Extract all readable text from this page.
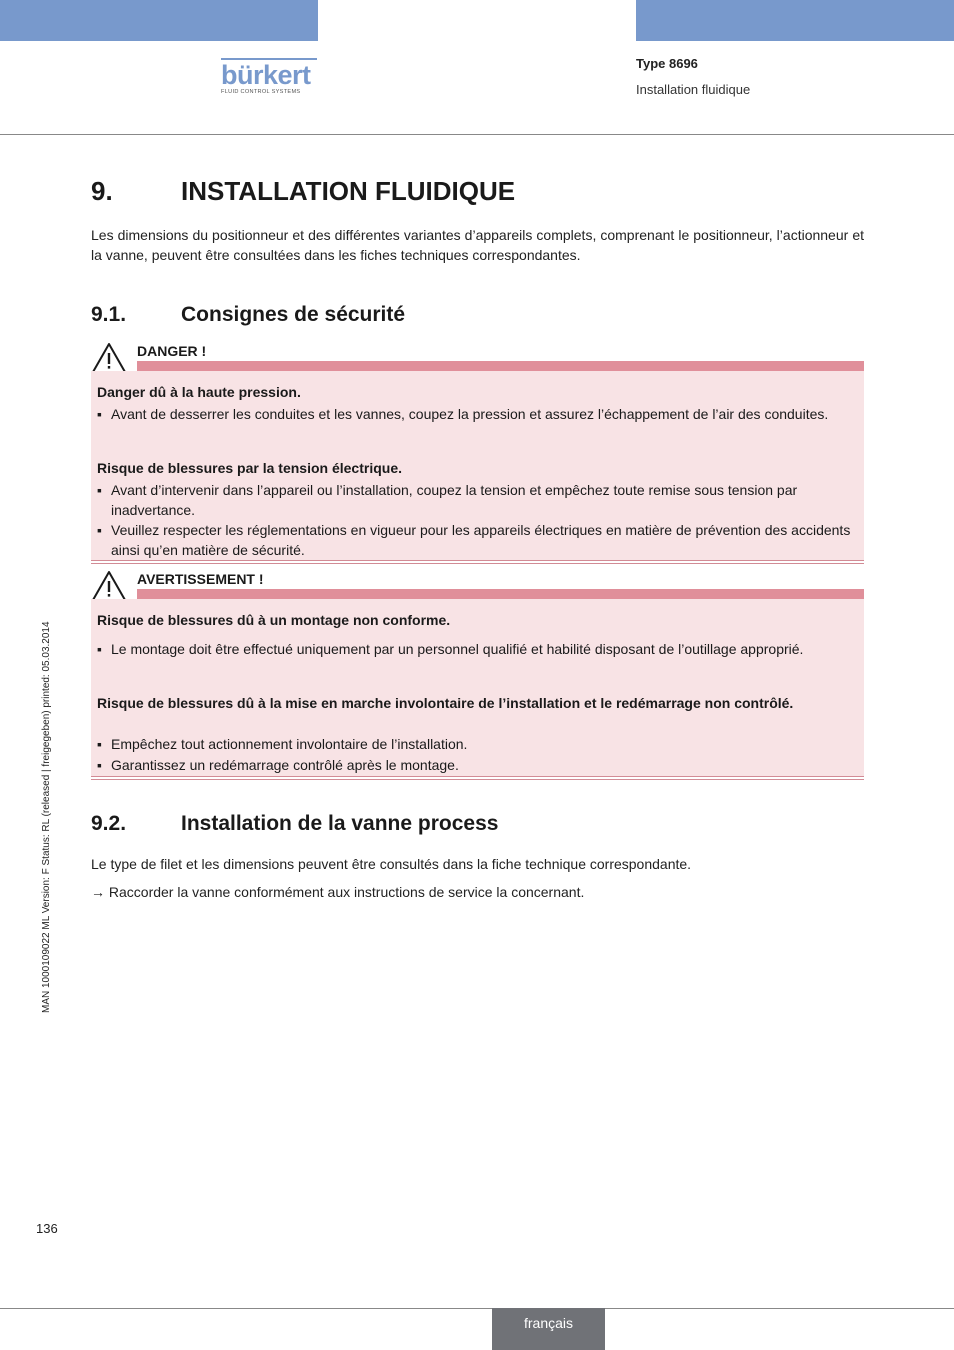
bürkert
FLUID CONTROL SYSTEMS
Type 8696
Installation fluidique
MAN 1000109022 ML Version: F Status: RL (released | freigegeben) printed: 05.03.2014
9.	INSTALLATION FLUIDIQUE
Les dimensions du positionneur et des différentes variantes d’appareils complets, comprenant le positionneur, l’actionneur et la vanne, peuvent être consultées dans les fiches techniques correspondantes.
9.1.	Consignes de sécurité
DANGER !
Danger dû à la haute pression.
▪ Avant de desserrer les conduites et les vannes, coupez la pression et assurez l’échappement de l’air des conduites.
Risque de blessures par la tension électrique.
▪ Avant d’intervenir dans l’appareil ou l’installation, coupez la tension et empêchez toute remise sous tension par inadvertance.
▪ Veuillez respecter les réglementations en vigueur pour les appareils électriques en matière de prévention des accidents ainsi qu’en matière de sécurité.
AVERTISSEMENT !
Risque de blessures dû à un montage non conforme.
▪ Le montage doit être effectué uniquement par un personnel qualifié et habilité disposant de l’outillage approprié.
Risque de blessures dû à la mise en marche involontaire de l’installation et le redémarrage non contrôlé.
▪ Empêchez tout actionnement involontaire de l’installation.
▪ Garantissez un redémarrage contrôlé après le montage.
9.2.	Installation de la vanne process
Le type de filet et les dimensions peuvent être consultés dans la fiche technique correspondante.
→ Raccorder la vanne conformément aux instructions de service la concernant.
136
français
